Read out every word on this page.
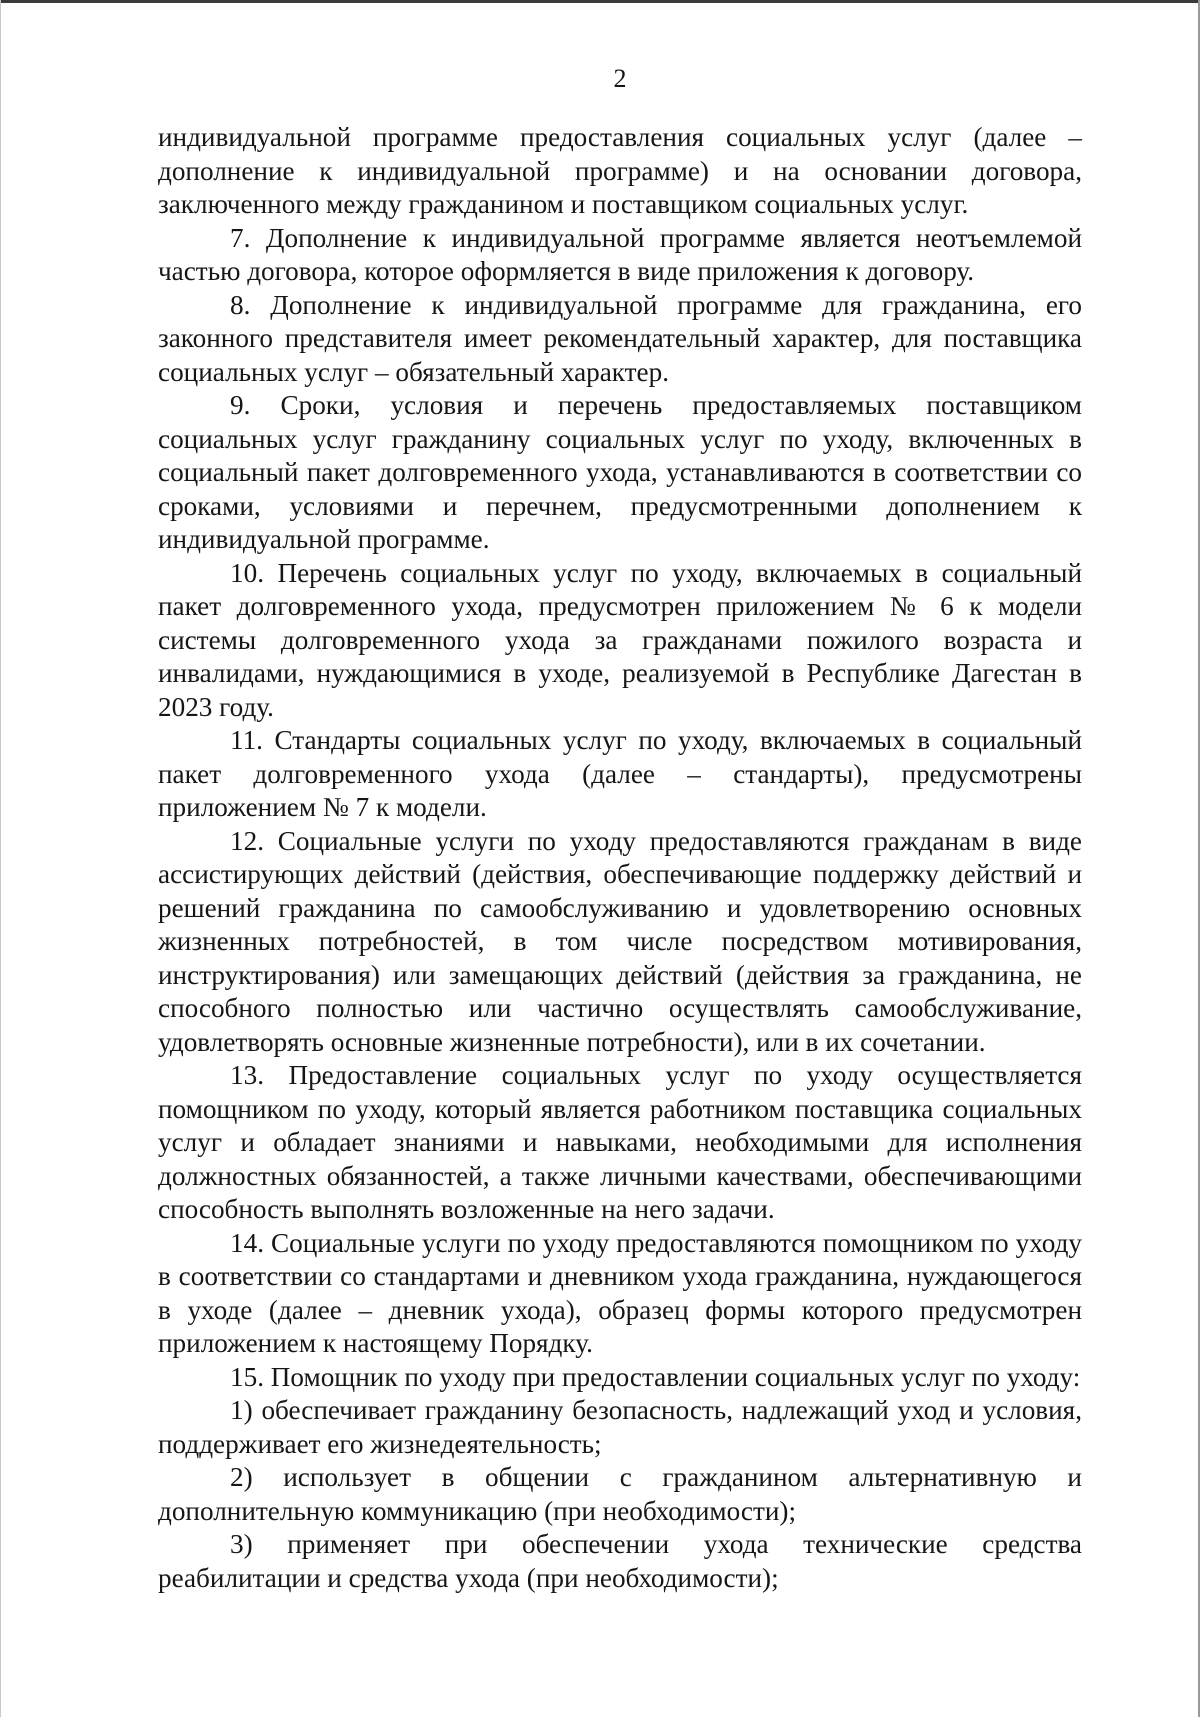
2

индивидуальной программе предоставления социальных услуг (далее – дополнение к индивидуальной программе) и на основании договора, заключенного между гражданином и поставщиком социальных услуг.

7. Дополнение к индивидуальной программе является неотъемлемой частью договора, которое оформляется в виде приложения к договору.

8. Дополнение к индивидуальной программе для гражданина, его законного представителя имеет рекомендательный характер, для поставщика социальных услуг – обязательный характер.

9. Сроки, условия и перечень предоставляемых поставщиком социальных услуг гражданину социальных услуг по уходу, включенных в социальный пакет долговременного ухода, устанавливаются в соответствии со сроками, условиями и перечнем, предусмотренными дополнением к индивидуальной программе.

10. Перечень социальных услуг по уходу, включаемых в социальный пакет долговременного ухода, предусмотрен приложением № 6 к модели системы долговременного ухода за гражданами пожилого возраста и инвалидами, нуждающимися в уходе, реализуемой в Республике Дагестан в 2023 году.

11. Стандарты социальных услуг по уходу, включаемых в социальный пакет долговременного ухода (далее – стандарты), предусмотрены приложением № 7 к модели.

12. Социальные услуги по уходу предоставляются гражданам в виде ассистирующих действий (действия, обеспечивающие поддержку действий и решений гражданина по самообслуживанию и удовлетворению основных жизненных потребностей, в том числе посредством мотивирования, инструктирования) или замещающих действий (действия за гражданина, не способного полностью или частично осуществлять самообслуживание, удовлетворять основные жизненные потребности), или в их сочетании.

13. Предоставление социальных услуг по уходу осуществляется помощником по уходу, который является работником поставщика социальных услуг и обладает знаниями и навыками, необходимыми для исполнения должностных обязанностей, а также личными качествами, обеспечивающими способность выполнять возложенные на него задачи.

14. Социальные услуги по уходу предоставляются помощником по уходу в соответствии со стандартами и дневником ухода гражданина, нуждающегося в уходе (далее – дневник ухода), образец формы которого предусмотрен приложением к настоящему Порядку.

15. Помощник по уходу при предоставлении социальных услуг по уходу:

1) обеспечивает гражданину безопасность, надлежащий уход и условия, поддерживает его жизнедеятельность;

2) использует в общении с гражданином альтернативную и дополнительную коммуникацию (при необходимости);

3) применяет при обеспечении ухода технические средства реабилитации и средства ухода (при необходимости);
